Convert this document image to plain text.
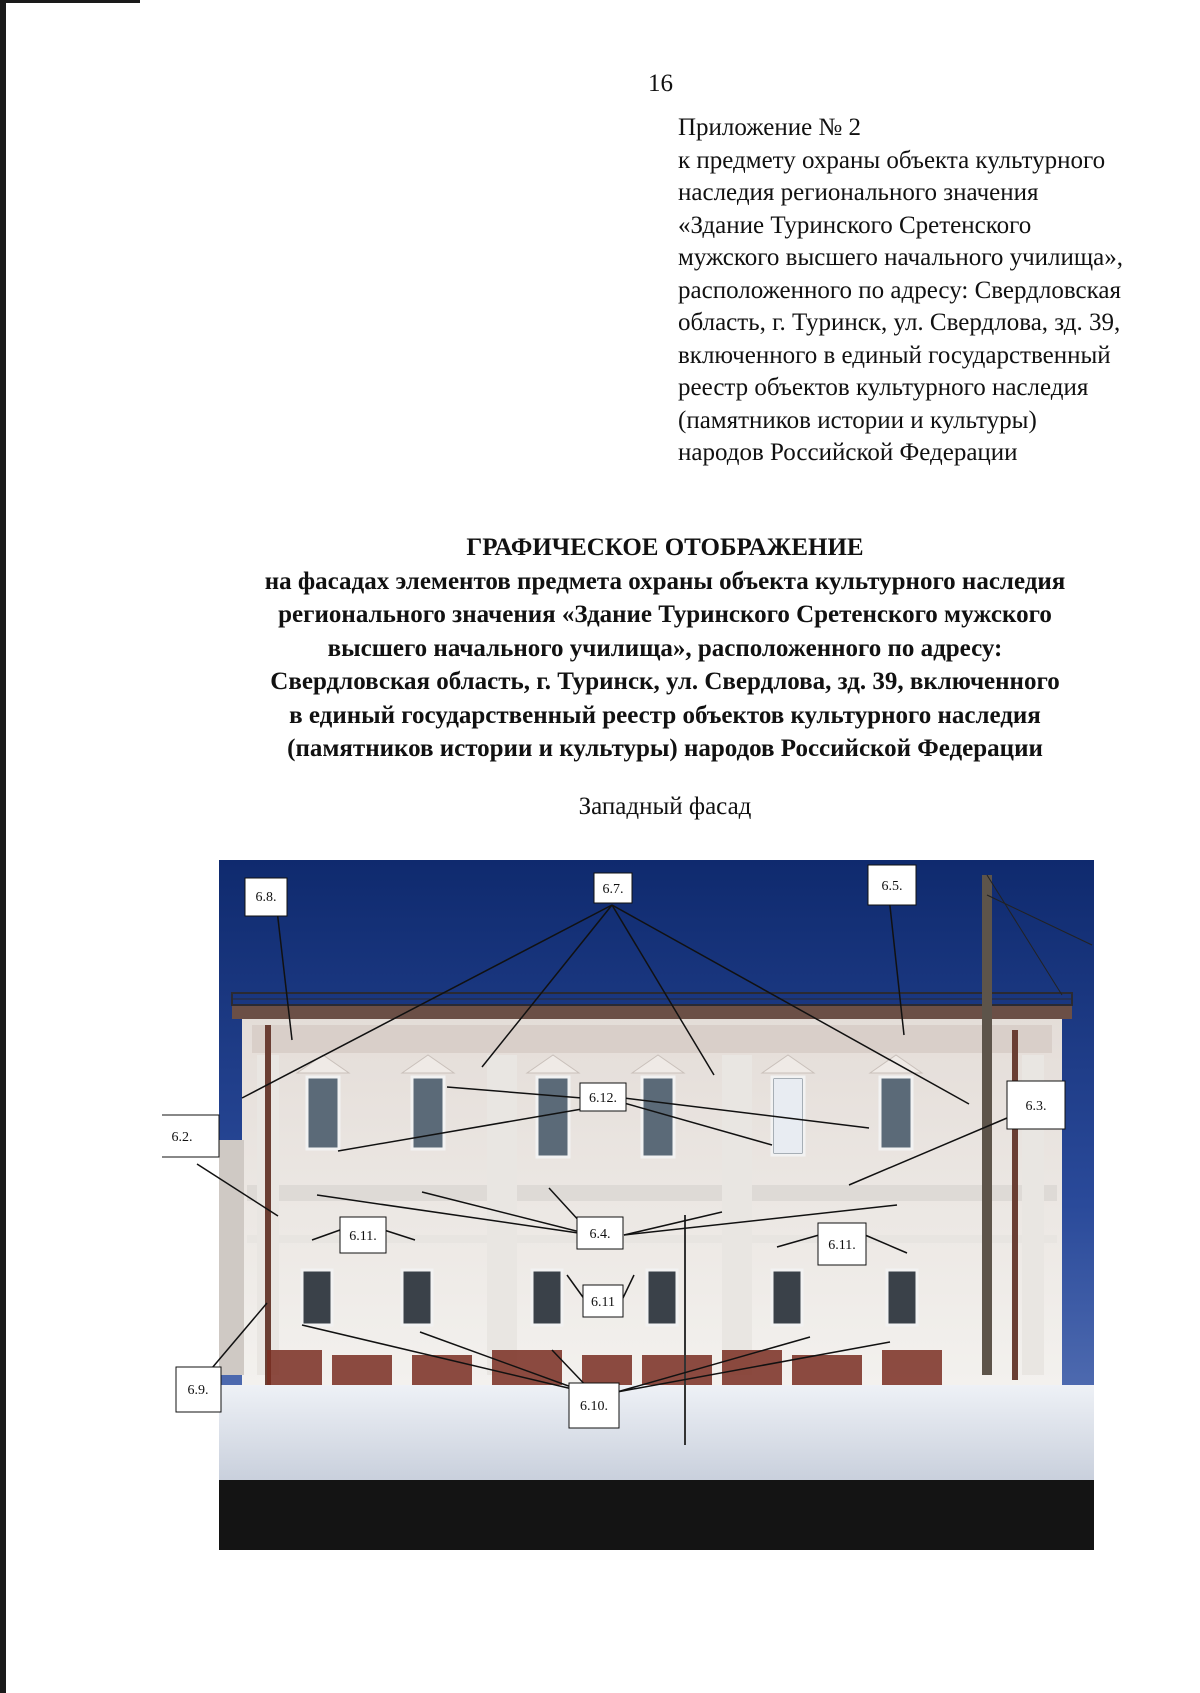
16
Приложение № 2
к предмету охраны объекта культурного
наследия регионального значения
«Здание Туринского Сретенского
мужского высшего начального училища»,
расположенного по адресу: Свердловская
область, г. Туринск, ул. Свердлова, зд. 39,
включенного в единый государственный
реестр объектов культурного наследия
(памятников истории и культуры)
народов Российской Федерации
ГРАФИЧЕСКОЕ ОТОБРАЖЕНИЕ
на фасадах элементов предмета охраны объекта культурного наследия
регионального значения «Здание Туринского Сретенского мужского
высшего начального училища», расположенного по адресу:
Свердловская область, г. Туринск, ул. Свердлова, зд. 39, включенного
в единый государственный реестр объектов культурного наследия
(памятников истории и культуры) народов Российской Федерации
Западный фасад
6.7.
6.8.
6.5.
6.12.
6.3.
6.2.
6.11.	6.4.
6.11.
6.11
6.9.
6.10.
